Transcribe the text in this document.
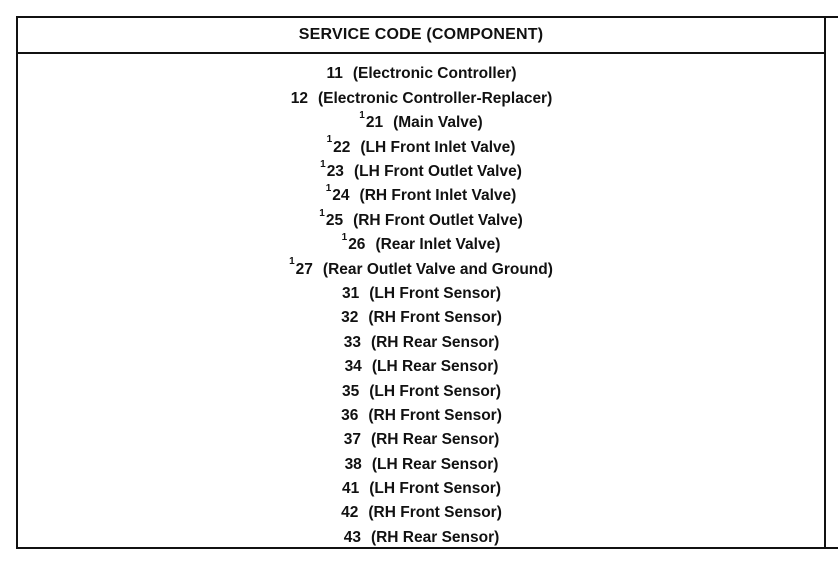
SERVICE CODE (COMPONENT)
11 (Electronic Controller)
12 (Electronic Controller-Replacer)
1 21 (Main Valve)
1 22 (LH Front Inlet Valve)
1 23 (LH Front Outlet Valve)
1 24 (RH Front Inlet Valve)
1 25 (RH Front Outlet Valve)
1 26 (Rear Inlet Valve)
1 27 (Rear Outlet Valve and Ground)
31 (LH Front Sensor)
32 (RH Front Sensor)
33 (RH Rear Sensor)
34 (LH Rear Sensor)
35 (LH Front Sensor)
36 (RH Front Sensor)
37 (RH Rear Sensor)
38 (LH Rear Sensor)
41 (LH Front Sensor)
42 (RH Front Sensor)
43 (RH Rear Sensor)
